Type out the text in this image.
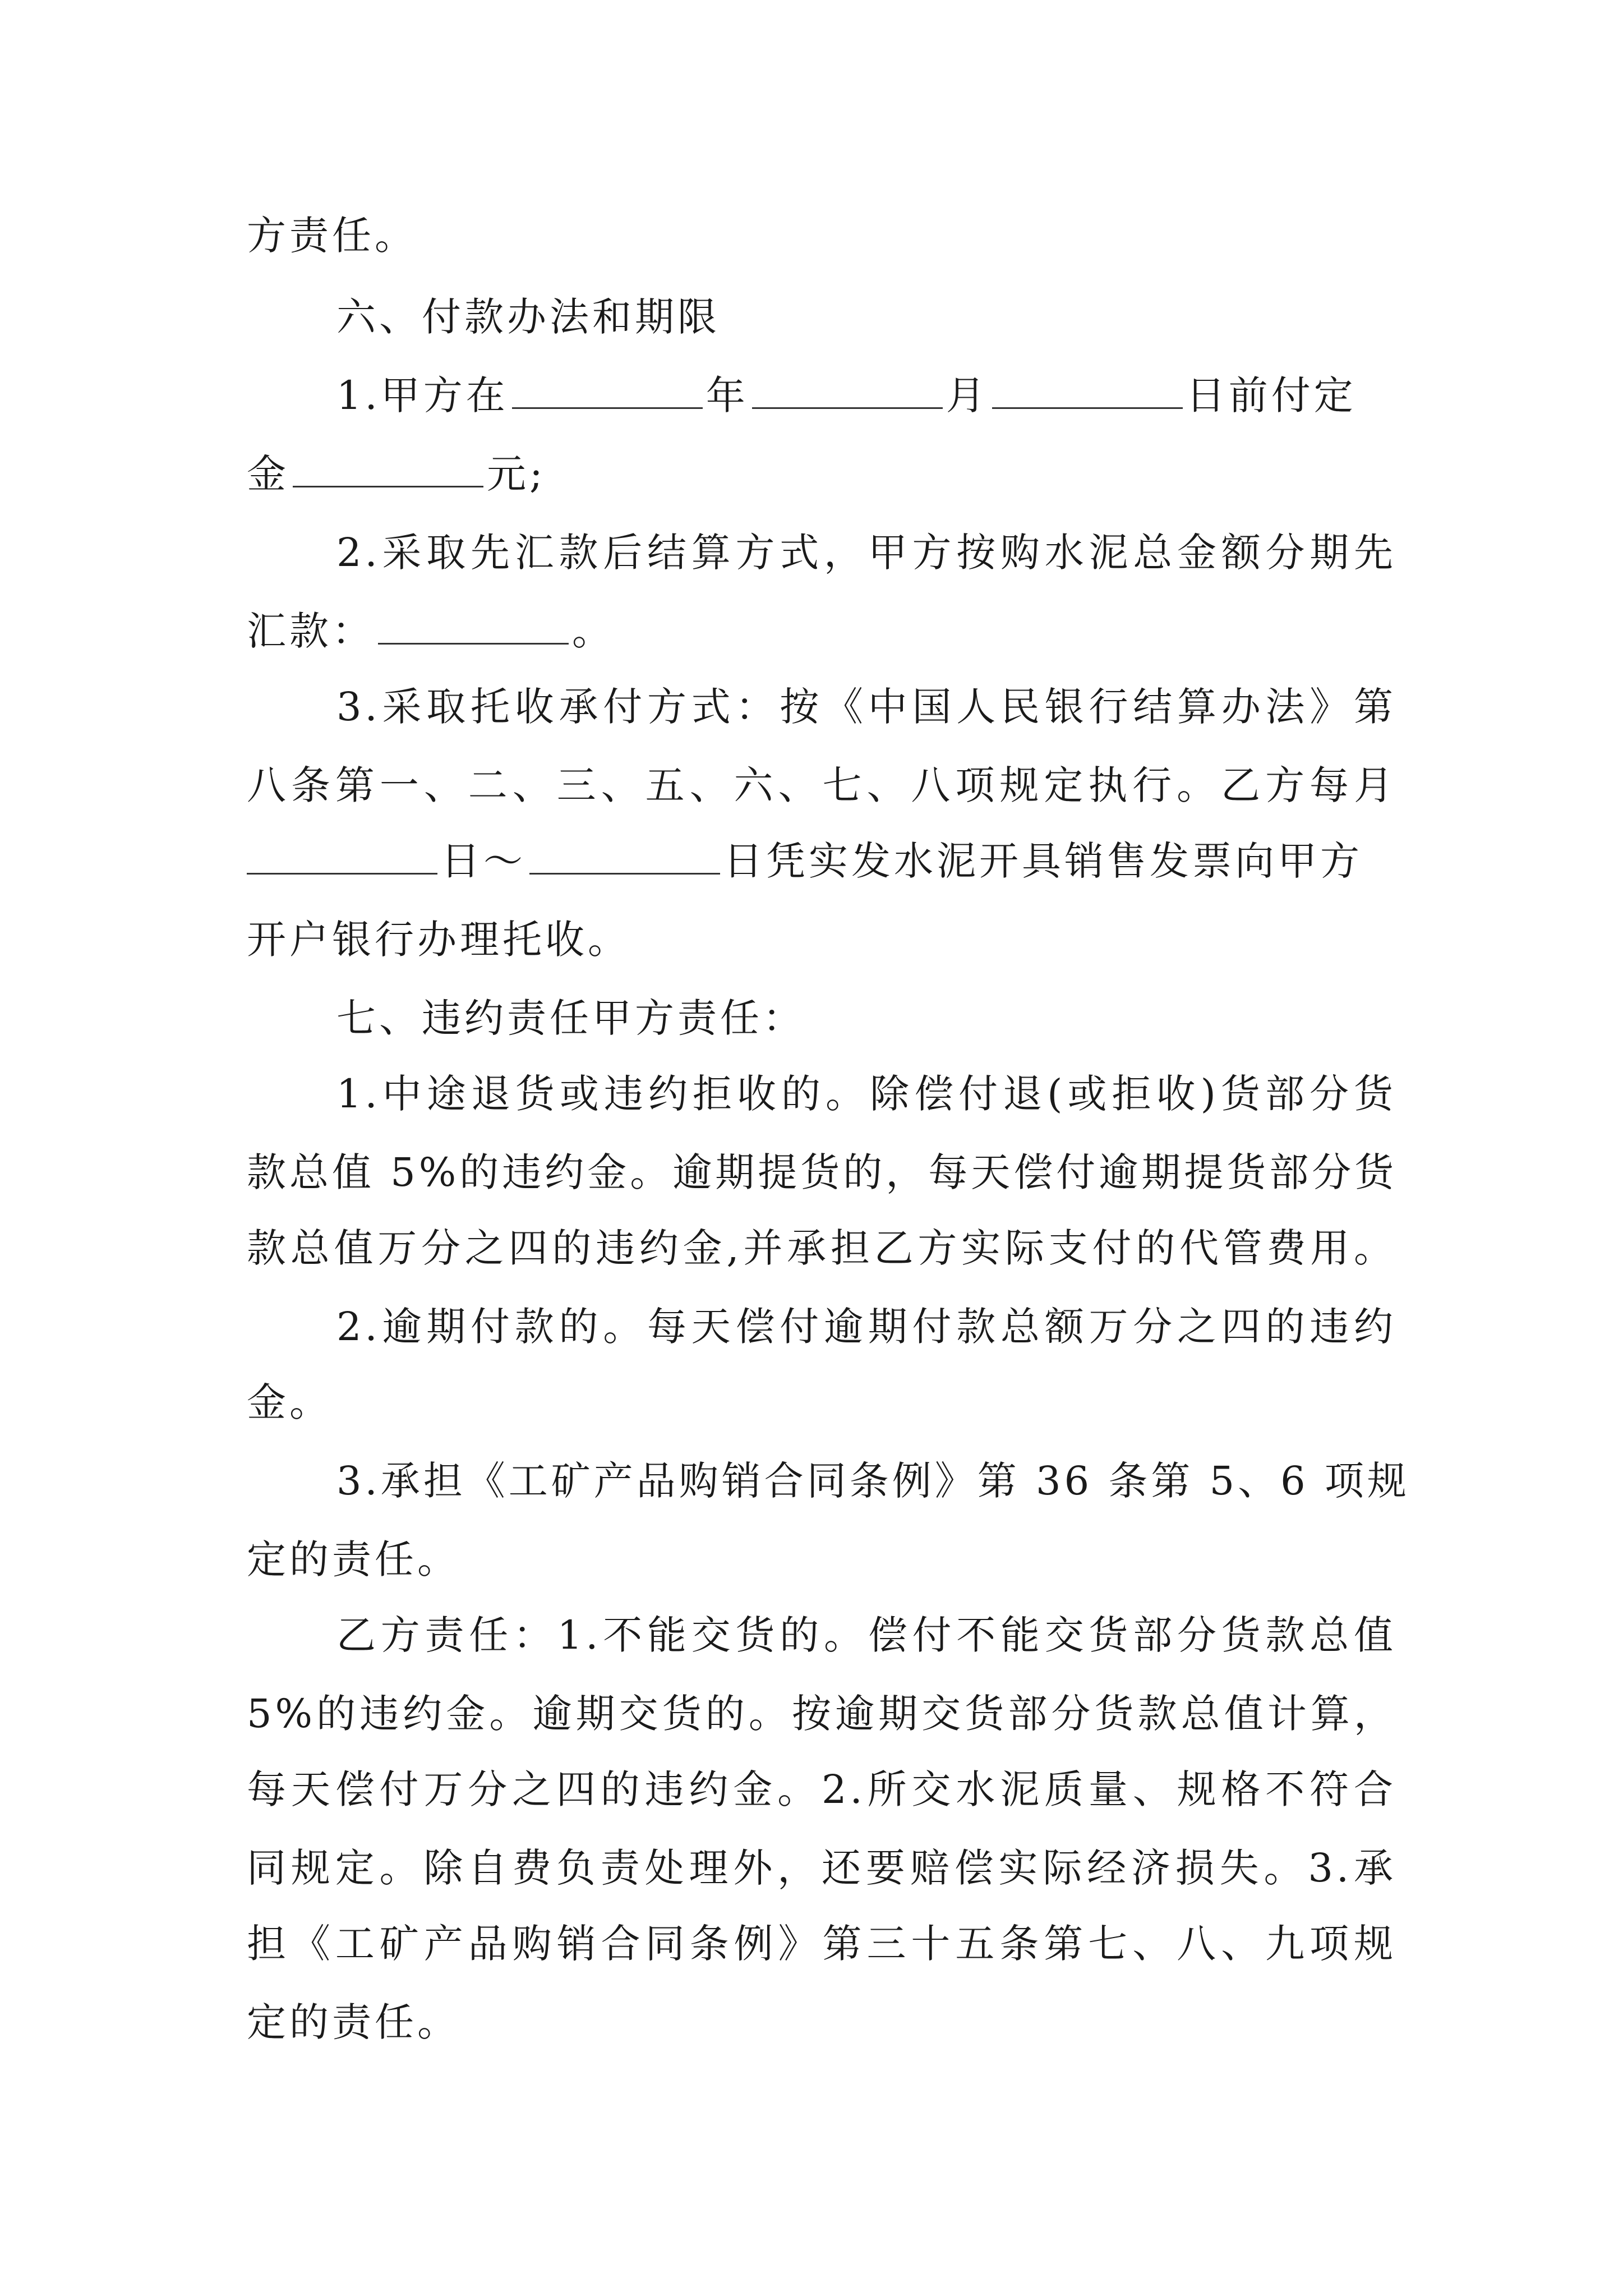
方责任。
六、付款办法和期限
1.甲方在	年	月	日前付定
金	元;
2.采取先汇款后结算方式，甲方按购水泥总金额分期先
汇款：	。
3.采取托收承付方式：按《中国人民银行结算办法》第
八条第一、二、三、五、六、七、八项规定执行。乙方每月
日～	日凭实发水泥开具销售发票向甲方
开户银行办理托收。
七、违约责任甲方责任：
1.中途退货或违约拒收的。除偿付退(或拒收)货部分货
款总值 5%的违约金。逾期提货的，每天偿付逾期提货部分货
款总值万分之四的违约金,并承担乙方实际支付的代管费用。
2.逾期付款的。每天偿付逾期付款总额万分之四的违约
金。
3.承担《工矿产品购销合同条例》第 36 条第 5、6 项规
定的责任。
乙方责任：1.不能交货的。偿付不能交货部分货款总值
5%的违约金。逾期交货的。按逾期交货部分货款总值计算，
每天偿付万分之四的违约金。2.所交水泥质量、规格不符合
同规定。除自费负责处理外，还要赔偿实际经济损失。3.承
担《工矿产品购销合同条例》第三十五条第七、八、九项规
定的责任。
